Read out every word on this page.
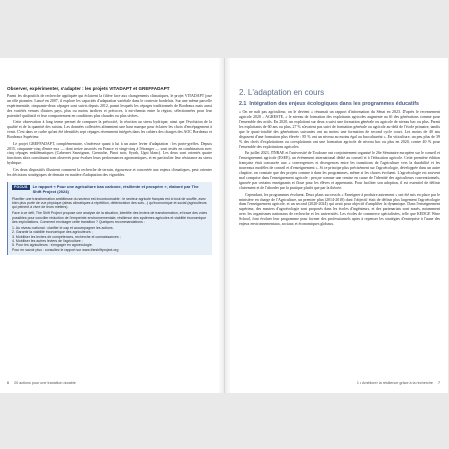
Observer, expérimenter, s'adapter : les projets VITADAPT et GREFFADAPT

Parmi les dispositifs de recherche appliquée qui éclairent la filière face aux changements climatiques, le projet VITADAPT joue un rôle pionnier. Lancé en 2007, il explore les capacités d'adaptation variétale dans le contexte bordelais. Sur une même parcelle expérimentale, cinquante-deux cépages sont suivis depuis 2012, parmi lesquels les cépages traditionnels de Bordeaux mais aussi des variétés venues d'autres pays, plus ou moins tardives et précoces, à mi-chemin entre la région, sélectionnées pour leur potentiel qualitatif et leur comportement en conditions plus chaudes ou plus sèches.

Cette observation à long terme permet de comparer la précocité, la réaction au stress hydrique, ainsi que l'évolution de la qualité et de la quantité des raisins. Les données collectées alimentent une base marque pour éclairer les choix d'encépagement à venir. C'est dans ce cadre qu'ont été identifiés sept cépages récemment intégrés dans les cahiers des charges des AOC Bordeaux et Bordeaux Supérieur.

Le projet GREFFADAPT, complémentaire, s'intéresse quant à lui à un autre levier d'adaptation : les porte-greffes. Depuis 2015, cinquante-cinq d'entre eux — dont treize associés en France et vingt-cinq à l'étranger — sont testés en combinaison avec cinq cépages emblématiques (Cabernet Sauvignon, Grenache, Pinot noir, Syrah, Ugni blanc). Les deux sont orientés quatre fonctions alors constituant sont observés pour évaluer leurs performances agronomiques, et en particulier leur résistance au stress hydrique.

Ces deux dispositifs illustrent comment la recherche de terrain, rigoureuse et concertée aux enjeux climatiques, peut orienter les décisions stratégiques de demain en matière d'adaptation des vignobles.

FOCUS	Le rapport « Pour une agriculture bas carbone, résiliente et prospère », élaboré par The Shift Project (2024)

Planifier une transformation ambitieuse du secteur est incontournable : le secteur agricole français est à bout de souffle, avec bien plus porté de vue physique (aléas climatiques à répétition, détérioration des sols...) qu'économique et social (agriculteurs qui peinent à vivre de leurs métiers).

Face à ce défi, The Shift Project propose une analyse de la situation, identifie des leviers de transformation, et trace des voies possibles pour concilier réduction de l'empreinte environnementale, résilience des systèmes agricoles et viabilité économique des exploitations. Comment envisager cette transition ? Quelques recommandations :

1. Au niveau national : clarifier le cap et accompagner les actions.
2. Garantir la viabilité économique des agriculteurs ;
3. Mobiliser les leviers de compétences, recherche et connaissances ;
4. Mobiliser les autres leviers de l'agriculture ;
5. Pour les agriculteurs : s'engager en agroécologie.
Pour en savoir plus : consultez le rapport sur www.theshiftproject.org
6 20 actions pour une transition durable
2. L'adaptation en cours
2.1 Intégration des enjeux écologiques dans les programmes éducatifs

« On ne naît pas agriculteur, on le devient » résumait un rapport d'information du Sénat en 2023. D'après le recensement agricole 2020 – AGRESTE, « le niveau de formation des exploitants agricoles augmente au fil des générations comme pour l'ensemble des actifs. En 2020, un exploitant sur deux a suivi une formation générale ou agricole de niveau bac ou plus. Parmi les exploitants de 60 ans ou plus, 27 % n'avaient pas suivi de formation générale ou agricole au-delà de l'école primaire, tandis que le quasi-totalité des générations suivantes ont au moins une formation de second cycle court. Les moins de 40 ans disposent d'une formation plus élevée : 85 % ont un niveau au moins égal au baccalauréat ». En viticulture, un peu plus de 39 % des chefs d'exploitations ou coexploitants ont une formation agricole de niveau bac ou plus en 2020, contre 40 % pour l'ensemble des exploitations agricoles.

En juillet 2023, l'INRAE et l'université de Toulouse ont conjointement organisé le 26e Séminaire européen sur le conseil et l'enseignement agricole (ESEE), un événement international dédié au conseil et à l'éducation agricole. Cette première édition française était consacrée aux « convergences et divergences entre les transitions de l'agriculture vers la durabilité et les nouveaux modèles de conseil et d'enseignement ». Si ce principe plus précisément sur l'agroécologie, développée dans un autre chapitre, on constate que des projets comme à dans les programmes, même si les choses évoluent. L'agroécologie est souvent mal comprise dans l'enseignement agricole : perçue comme une remise en cause de l'identité des agriculteurs conventionnels, ignorée par certains enseignants et floue pour les élèves et apprenants. Pour faciliter son adoption, il est essentiel de définir clairement et de l'aborder par la pratique plutôt que par la théorie.

Cependant, les programmes évoluent. Deux plans successifs « Enseigner à produire autrement » ont été mis en place par le ministère en charge de l'Agriculture, un premier plan (2014-2018) dont l'objectif était de définir plus largement l'agroécologie dans l'enseignement agricole, et un second (2020-2024) qui avait pour objectif d'amplifier la dynamique. Dans l'enseignement supérieur, des masters d'agroécologie sont proposés dans les écoles d'ingénieurs, et des partenariats sont noués, notamment avec les organismes nationaux de recherche et les universités. Les écoles de commerce spécialisées, telle que KEDGE Wine School, font évoluer leur programme pour former des professionnels aptes à repenser les stratégies d'entreprise à l'aune des enjeux environnementaux, sociaux et économiques globaux.

1 • Améliorer la résilience grâce à la recherche 7
